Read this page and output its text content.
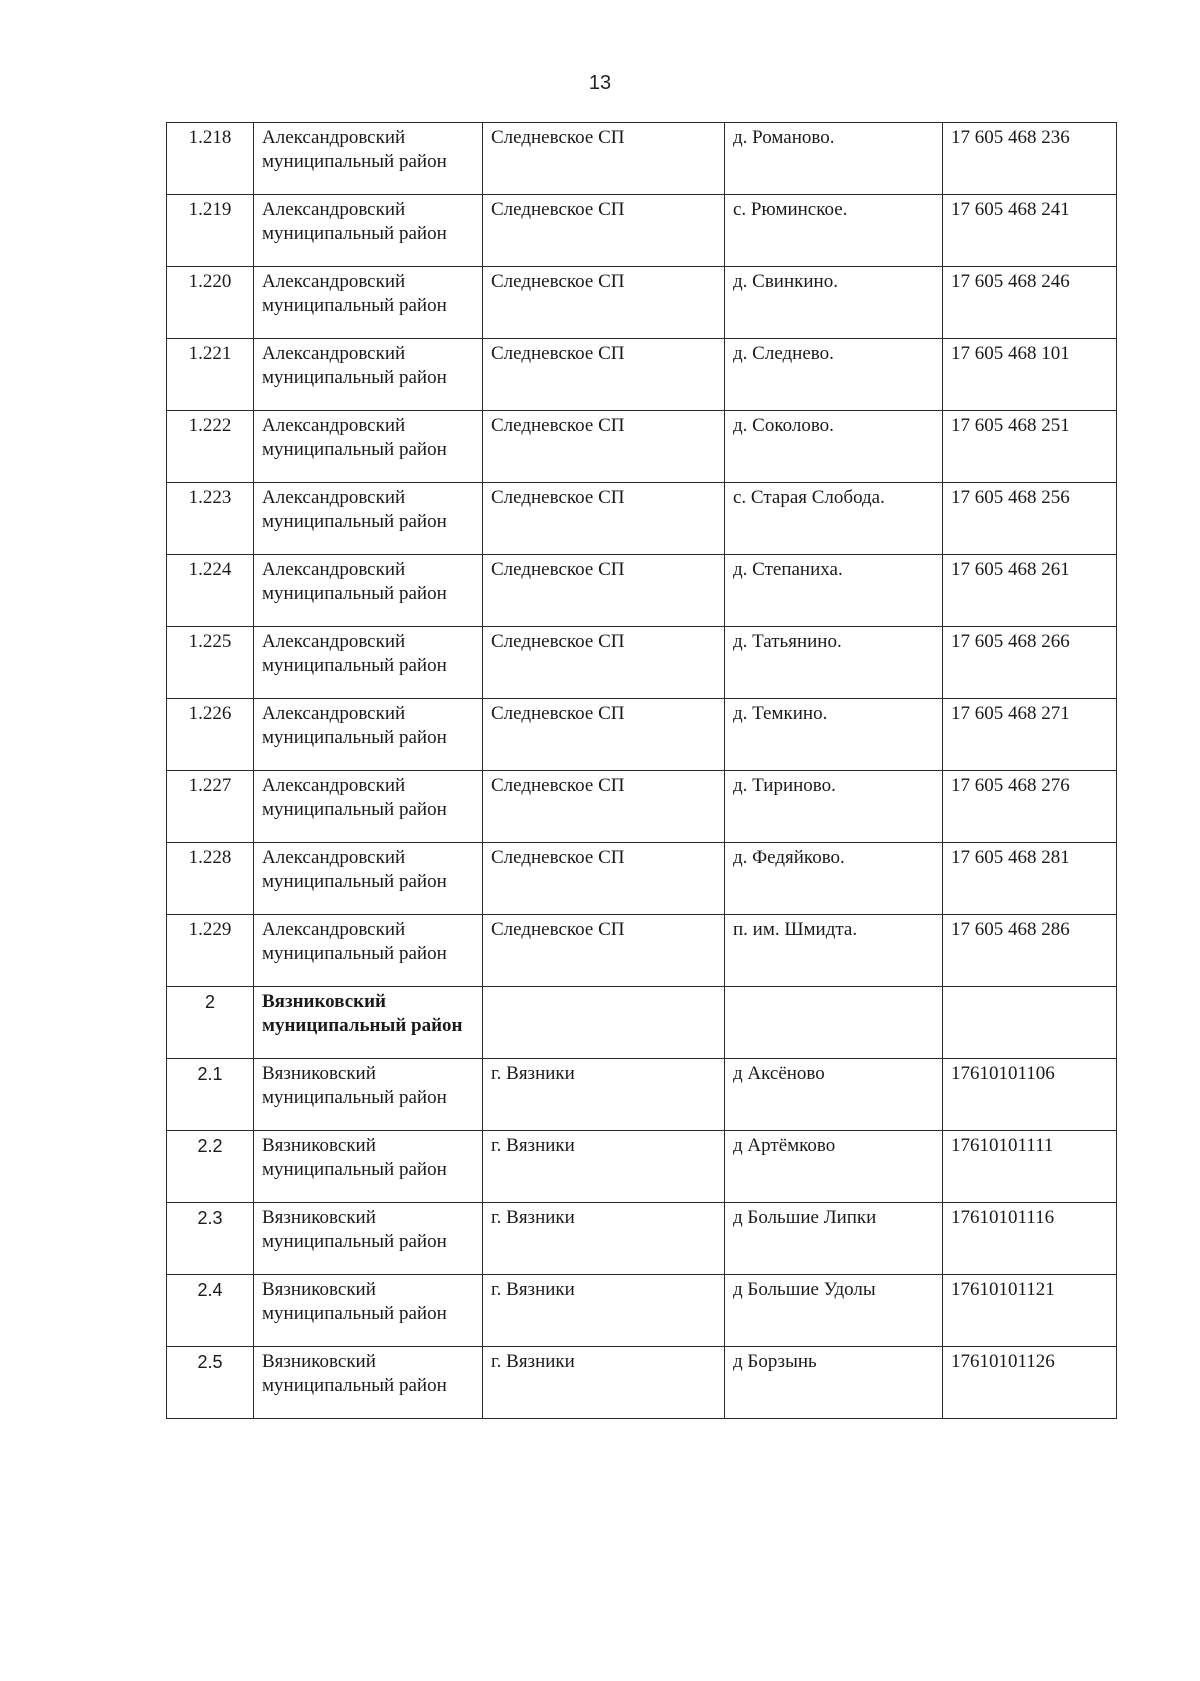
13
1.218	Александровский муниципальный район	Следневское СП	д. Романово.	17 605 468 236
1.219	Александровский муниципальный район	Следневское СП	с. Рюминское.	17 605 468 241
1.220	Александровский муниципальный район	Следневское СП	д. Свинкино.	17 605 468 246
1.221	Александровский муниципальный район	Следневское СП	д. Следнево.	17 605 468 101
1.222	Александровский муниципальный район	Следневское СП	д. Соколово.	17 605 468 251
1.223	Александровский муниципальный район	Следневское СП	с. Старая Слобода.	17 605 468 256
1.224	Александровский муниципальный район	Следневское СП	д. Степаниха.	17 605 468 261
1.225	Александровский муниципальный район	Следневское СП	д. Татьянино.	17 605 468 266
1.226	Александровский муниципальный район	Следневское СП	д. Темкино.	17 605 468 271
1.227	Александровский муниципальный район	Следневское СП	д. Тириново.	17 605 468 276
1.228	Александровский муниципальный район	Следневское СП	д. Федяйково.	17 605 468 281
1.229	Александровский муниципальный район	Следневское СП	п. им. Шмидта.	17 605 468 286
2	Вязниковский муниципальный район			
2.1	Вязниковский муниципальный район	г. Вязники	д Аксёново	17610101106
2.2	Вязниковский муниципальный район	г. Вязники	д Артёмково	17610101111
2.3	Вязниковский муниципальный район	г. Вязники	д Большие Липки	17610101116
2.4	Вязниковский муниципальный район	г. Вязники	д Большие Удолы	17610101121
2.5	Вязниковский муниципальный район	г. Вязники	д Борзынь	17610101126
